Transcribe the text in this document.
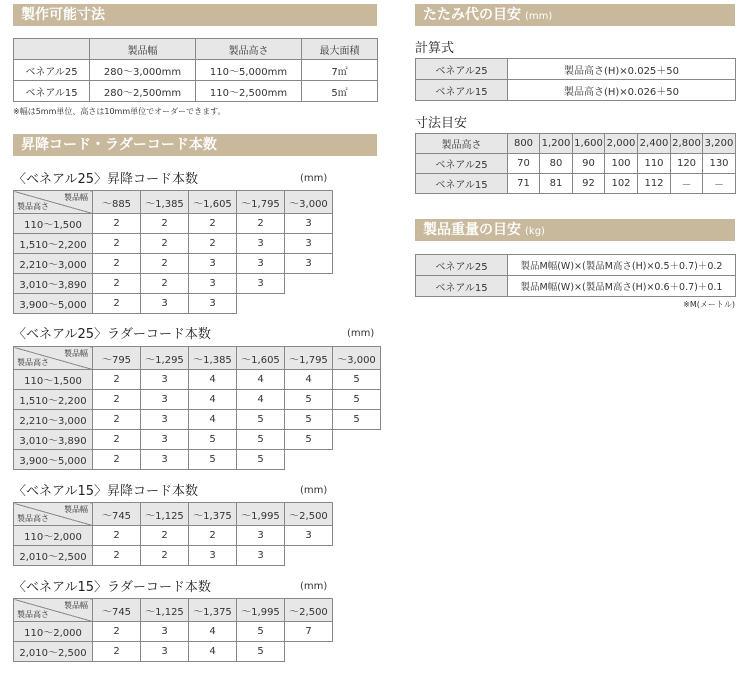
製作可能寸法
	製品幅	製品高さ	最大面積
ベネアル25	280～3,000mm	110～5,000mm	7㎡
ベネアル15	280～2,500mm	110～2,500mm	5㎡
※幅は5mm単位、高さは10mm単位でオーダーできます。
昇降コード・ラダーコード本数
〈ベネアル25〉昇降コード本数	(mm)
製品幅
製品高さ	～885	～1,385	～1,605	～1,795	～3,000
110～1,500	2	2	2	2	3
1,510～2,200	2	2	2	3	3
2,210～3,000	2	2	3	3	3
3,010～3,890	2	2	3	3	
3,900～5,000	2	3	3		
〈ベネアル25〉ラダーコード本数	(mm)
製品幅
製品高さ	～795	～1,295	～1,385	～1,605	～1,795	～3,000
110～1,500	2	3	4	4	4	5
1,510～2,200	2	3	4	4	5	5
2,210～3,000	2	3	4	5	5	5
3,010～3,890	2	3	5	5	5	
3,900～5,000	2	3	5	5		
〈ベネアル15〉昇降コード本数	(mm)
製品幅
製品高さ	～745	～1,125	～1,375	～1,995	～2,500
110～2,000	2	2	2	3	3
2,010～2,500	2	2	3	3	
〈ベネアル15〉ラダーコード本数	(mm)
製品幅
製品高さ	～745	～1,125	～1,375	～1,995	～2,500
110～2,000	2	3	4	5	7
2,010～2,500	2	3	4	5	
たたみ代の目安 (mm)
計算式
ベネアル25	製品高さ(H)×0.025＋50
ベネアル15	製品高さ(H)×0.026＋50
寸法目安
製品高さ	800	1,200	1,600	2,000	2,400	2,800	3,200
ベネアル25	70	80	90	100	110	120	130
ベネアル15	71	81	92	102	112	－	－
製品重量の目安 (kg)
ベネアル25	製品M幅(W)×(製品M高さ(H)×0.5＋0.7)＋0.2
ベネアル15	製品M幅(W)×(製品M高さ(H)×0.6＋0.7)＋0.1
※M(メートル)
